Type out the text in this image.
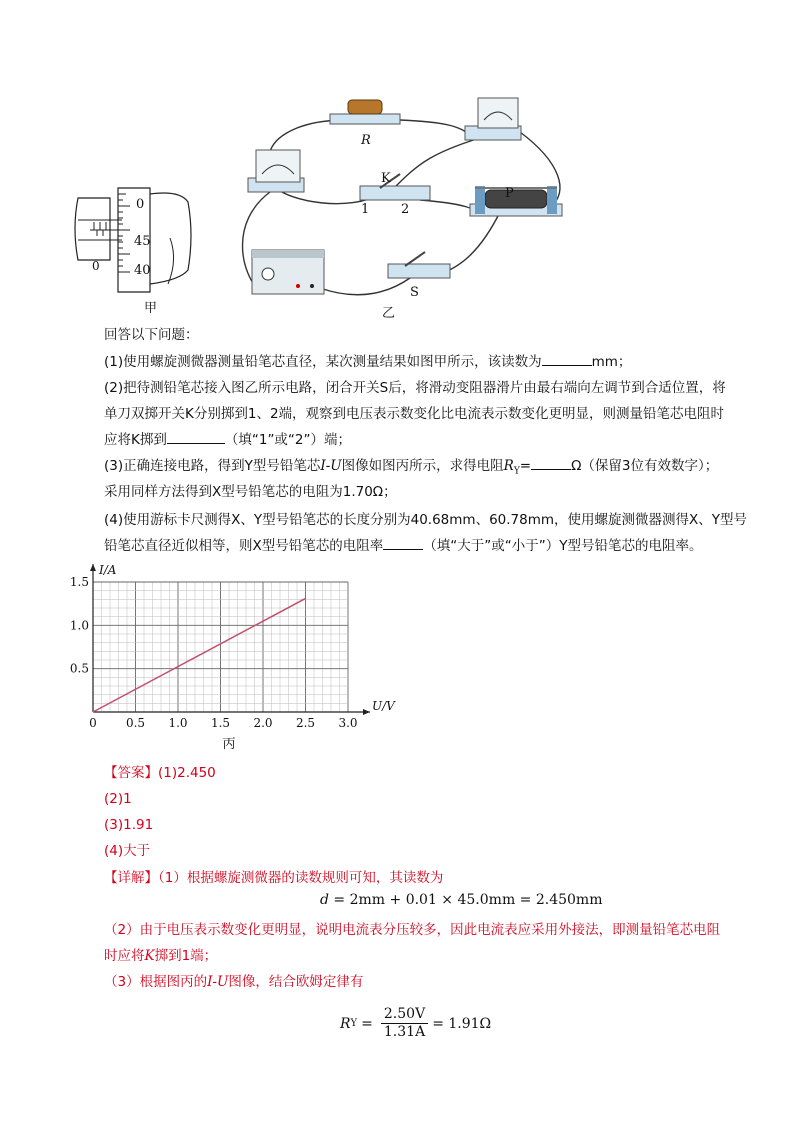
0
45
40
0
甲
R
K
1 2
P
S
乙
回答以下问题：
(1)使用螺旋测微器测量铅笔芯直径，某次测量结果如图甲所示，该读数为	mm；
(2)把待测铅笔芯接入图乙所示电路，闭合开关S后，将滑动变阻器滑片由最右端向左调节到合适位置，将
单刀双掷开关K分别掷到1、2端，观察到电压表示数变化比电流表示数变化更明显，则测量铅笔芯电阻时
应将K掷到	（填“1”或“2”）端；
(3)正确连接电路，得到Y型号铅笔芯I-U图像如图丙所示，求得电阻$R_Y=$	Ω（保留3位有效数字）；
采用同样方法得到X型号铅笔芯的电阻为1.70Ω；
(4)使用游标卡尺测得X、Y型号铅笔芯的长度分别为40.68mm、60.78mm，使用螺旋测微器测得X、Y型号
铅笔芯直径近似相等，则X型号铅笔芯的电阻率	（填“大于”或“小于”）Y型号铅笔芯的电阻率。
0 0.5 1.0 1.5 2.0 2.5 3.0
0.5
1.0
1.5
U/V
I/A
丙
【答案】(1)2.450
(2)1
(3)1.91
(4)大于
【详解】（1）根据螺旋测微器的读数规则可知，其读数为
d = 2mm + 0.01 × 45.0mm = 2.450mm
（2）由于电压表示数变化更明显，说明电流表分压较多，因此电流表应采用外接法，即测量铅笔芯电阻
时应将K掷到1端；
（3）根据图丙的I-U图像，结合欧姆定律有
R $Y = \frac{2.50V}{1.31A} = 1.91\Omega$
